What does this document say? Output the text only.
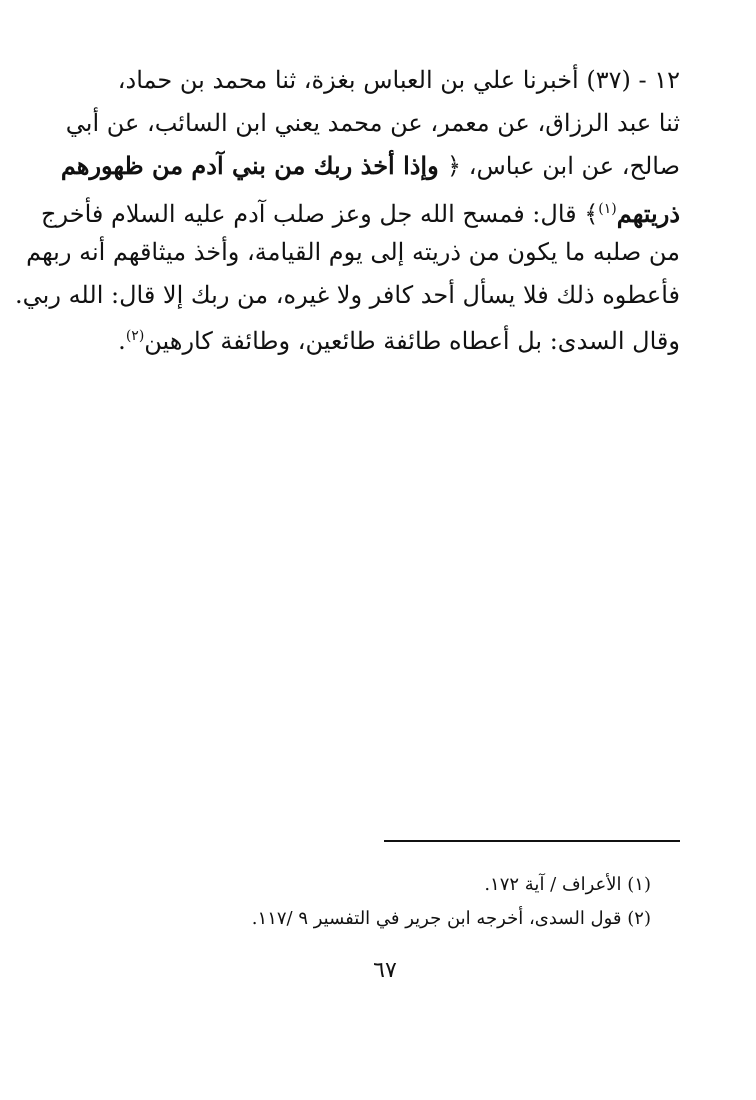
١٢ - (٣٧) أخبرنا علي بن العباس بغزة، ثنا محمد بن حماد،
ثنا عبد الرزاق، عن معمر، عن محمد يعني ابن السائب، عن أبي
صالح، عن ابن عباس، ﴿ وإذا أخذ ربك من بني آدم من ظهورهم
ذريتهم$^{(١)}$﴾ قال: فمسح الله جل وعز صلب آدم عليه السلام فأخرج
من صلبه ما يكون من ذريته إلى يوم القيامة، وأخذ ميثاقهم أنه ربهم
فأعطوه ذلك فلا يسأل أحد كافر ولا غيره، من ربك إلا قال: الله ربي.
وقال السدى: بل أعطاه طائفة طائعين، وطائفة كارهين$^{(٢)}$.
(١) الأعراف / آية ١٧٢.
(٢) قول السدى، أخرجه ابن جرير في التفسير ٩ /١١٧.
٦٧
